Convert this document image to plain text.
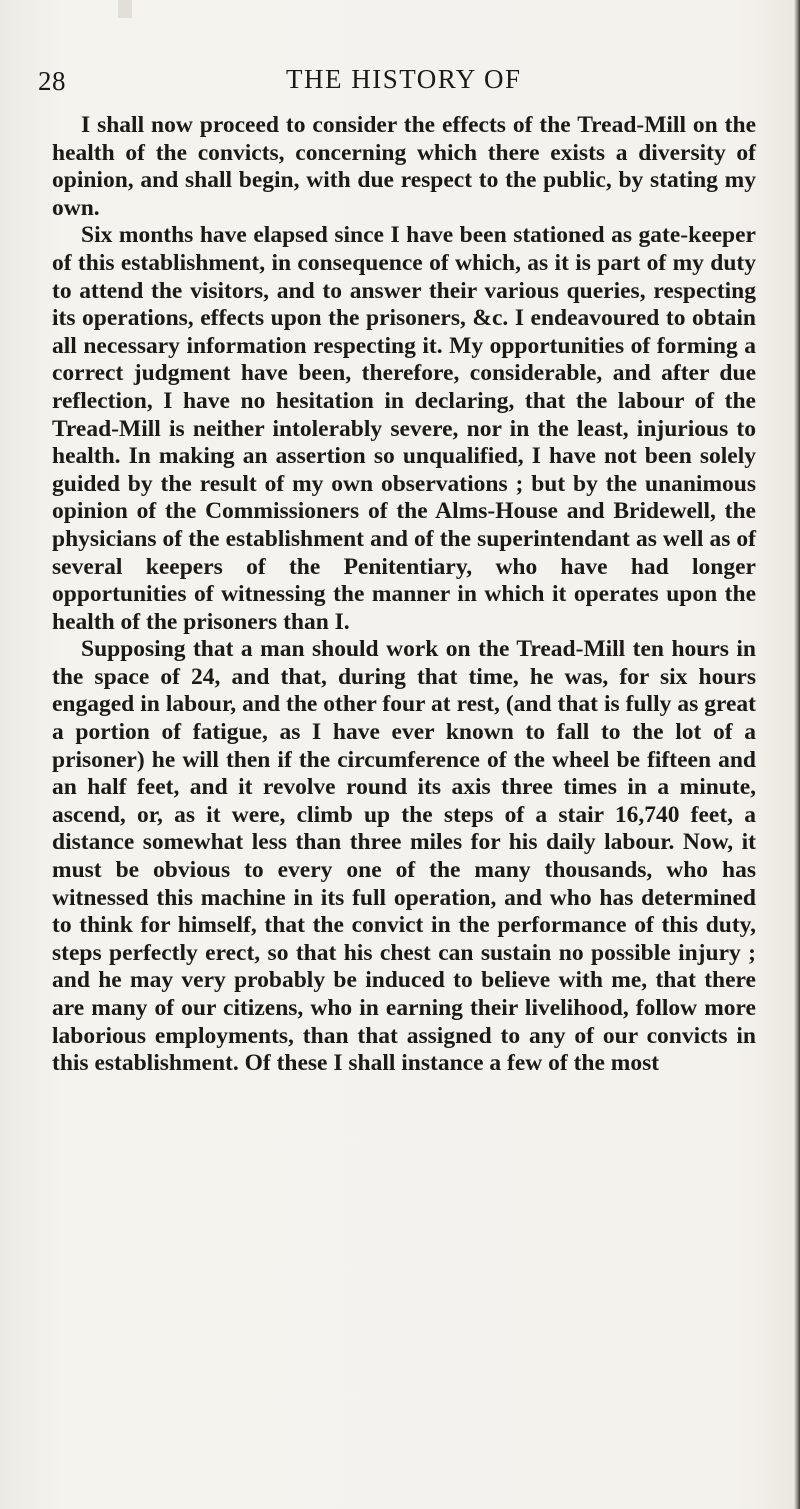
28	THE HISTORY OF

I shall now proceed to consider the effects of the Tread-Mill on the health of the convicts, concerning which there exists a diversity of opinion, and shall begin, with due respect to the public, by stating my own.

Six months have elapsed since I have been stationed as gate-keeper of this establishment, in consequence of which, as it is part of my duty to attend the visitors, and to answer their various queries, respecting its operations, effects upon the prisoners, &c. I endeavoured to obtain all necessary information respecting it. My opportunities of forming a correct judgment have been, therefore, considerable, and after due reflection, I have no hesitation in declaring, that the labour of the Tread-Mill is neither intolerably severe, nor in the least, injurious to health. In making an assertion so unqualified, I have not been solely guided by the result of my own observations ; but by the unanimous opinion of the Commissioners of the Alms-House and Bridewell, the physicians of the establishment and of the superintendant as well as of several keepers of the Penitentiary, who have had longer opportunities of witnessing the manner in which it operates upon the health of the prisoners than I.

Supposing that a man should work on the Tread-Mill ten hours in the space of 24, and that, during that time, he was, for six hours engaged in labour, and the other four at rest, (and that is fully as great a portion of fatigue, as I have ever known to fall to the lot of a prisoner) he will then if the circumference of the wheel be fifteen and an half feet, and it revolve round its axis three times in a minute, ascend, or, as it were, climb up the steps of a stair 16,740 feet, a distance somewhat less than three miles for his daily labour. Now, it must be obvious to every one of the many thousands, who has witnessed this machine in its full operation, and who has determined to think for himself, that the convict in the performance of this duty, steps perfectly erect, so that his chest can sustain no possible injury ; and he may very probably be induced to believe with me, that there are many of our citizens, who in earning their livelihood, follow more laborious employments, than that assigned to any of our convicts in this establishment. Of these I shall instance a few of the most
